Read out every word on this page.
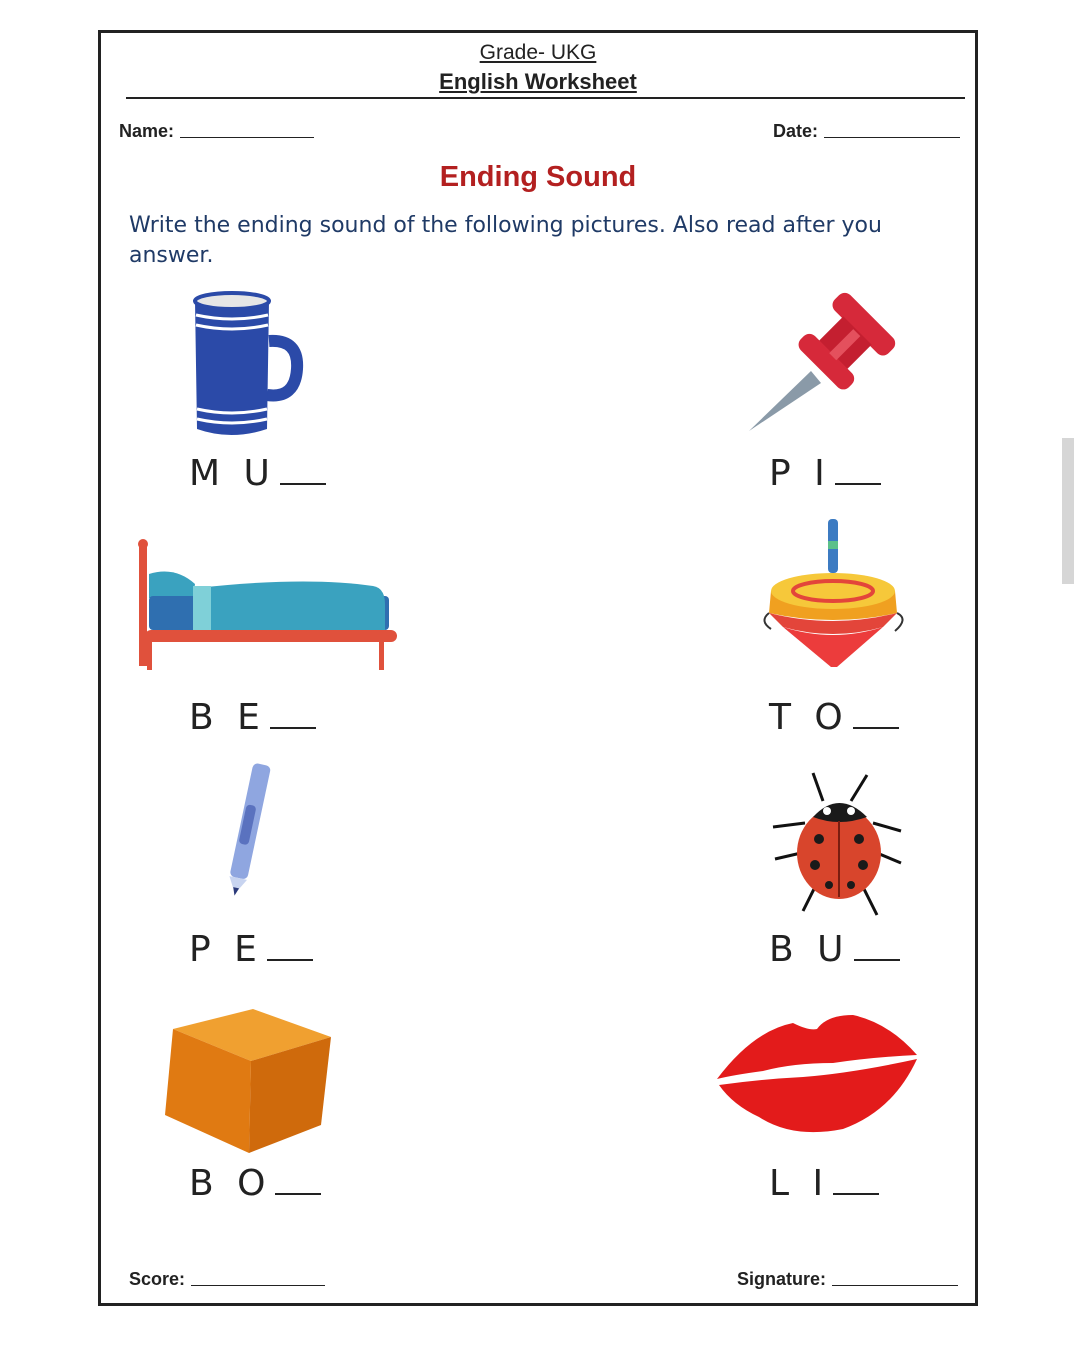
Grade- UKG
English Worksheet
Name:	Date:
Ending Sound
Write the ending sound of the following pictures. Also read after you answer.
M U	P I
B E	T O
P E	B U
B O	L I
Score:	Signature:
